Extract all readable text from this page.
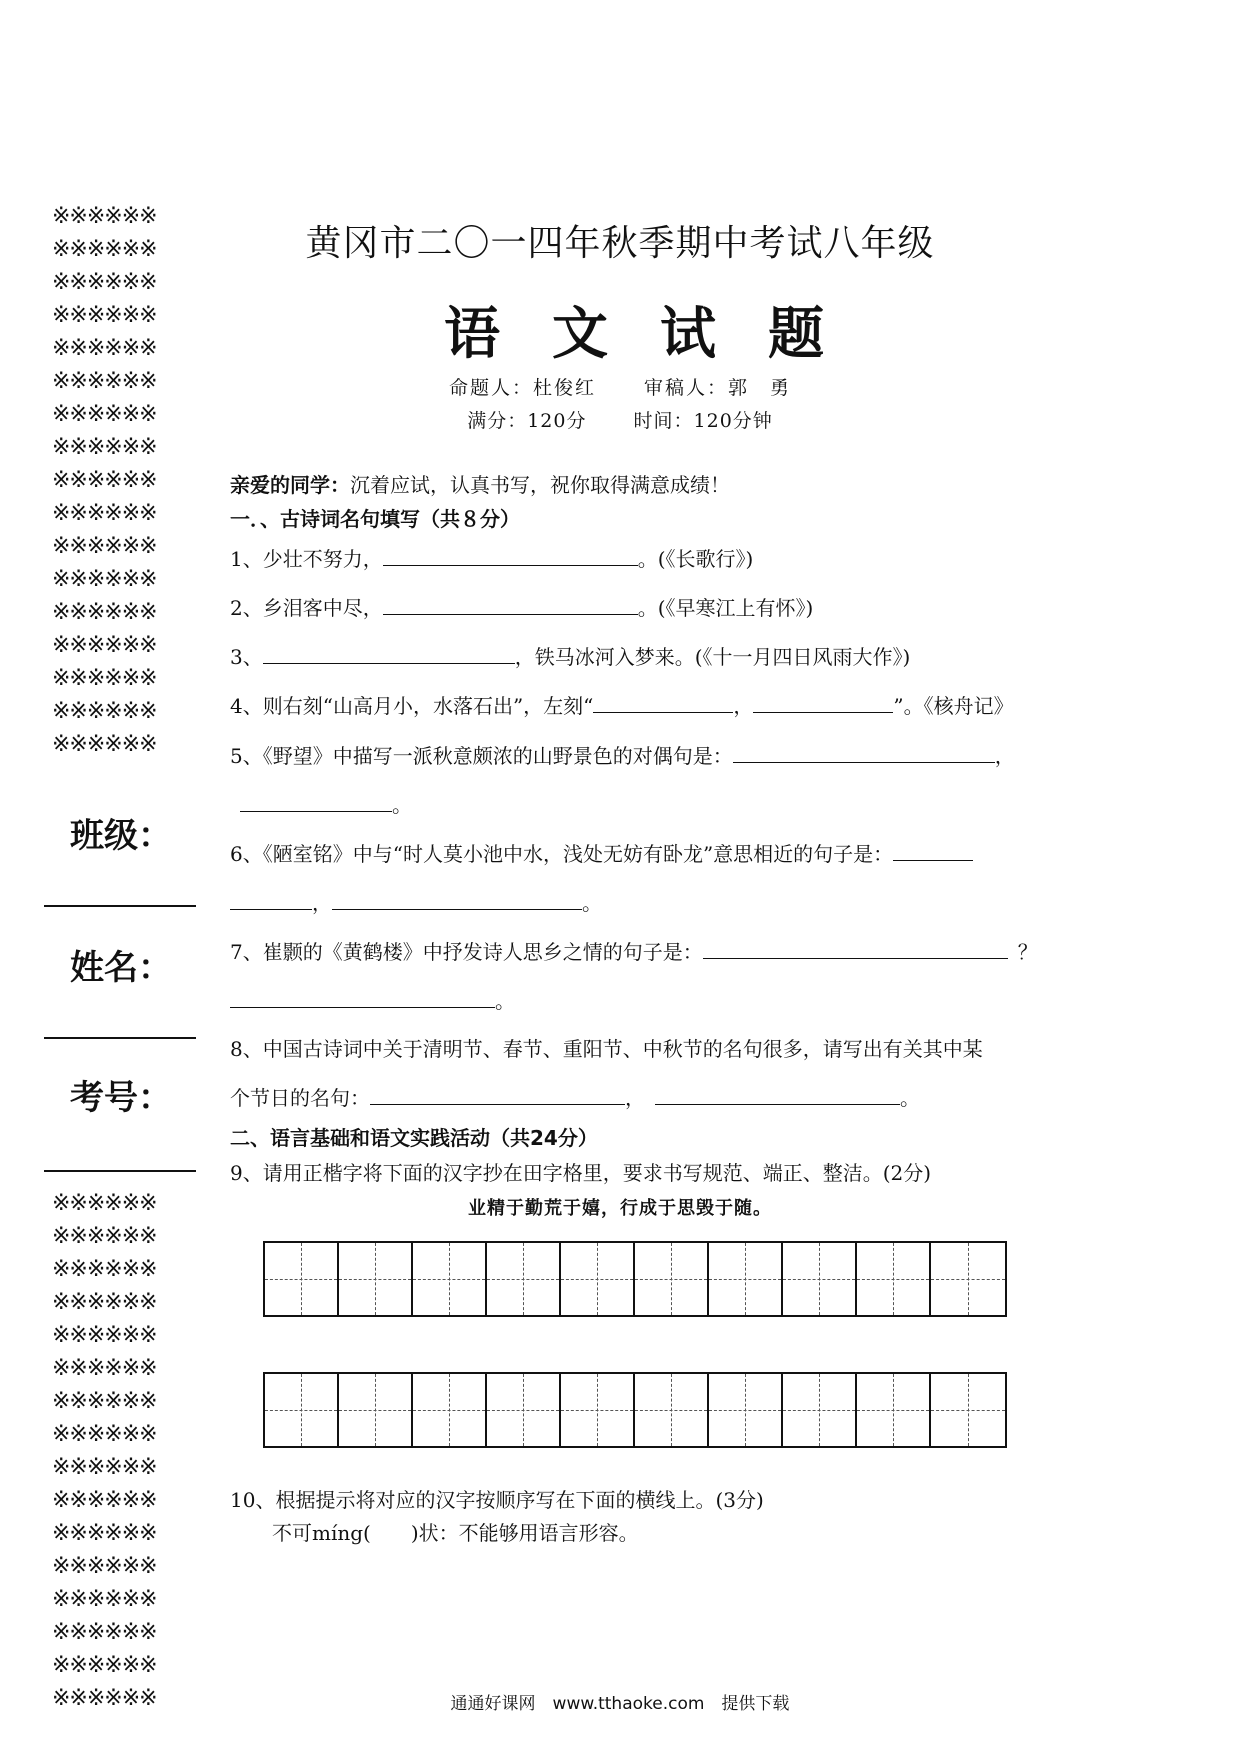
※※※※※※
※※※※※※
※※※※※※
※※※※※※
※※※※※※
※※※※※※
※※※※※※
※※※※※※
※※※※※※
※※※※※※
※※※※※※
※※※※※※
※※※※※※
※※※※※※
※※※※※※
※※※※※※
※※※※※※
班级：
姓名：
考号：
※※※※※※
※※※※※※
※※※※※※
※※※※※※
※※※※※※
※※※※※※
※※※※※※
※※※※※※
※※※※※※
※※※※※※
※※※※※※
※※※※※※
※※※※※※
※※※※※※
※※※※※※
※※※※※※
黄冈市二〇一四年秋季期中考试八年级
语文试题
命题人：杜俊红	审稿人：郭　勇
满分：120分 时间：120分钟
亲爱的同学：沉着应试，认真书写，祝你取得满意成绩！
一．、古诗词名句填写（共８分）
1、少壮不努力，	。(《长歌行》)
2、乡泪客中尽，	。(《早寒江上有怀》)
3、	，铁马冰河入梦来。(《十一月四日风雨大作》)
4、则右刻“山高月小，水落石出”，左刻“	，	”。《核舟记》
5、《野望》中描写一派秋意颇浓的山野景色的对偶句是：	，
。
6、《陋室铭》中与“时人莫小池中水，浅处无妨有卧龙”意思相近的句子是：
，	。
7、崔颢的《黄鹤楼》中抒发诗人思乡之情的句子是：	？
。
8、中国古诗词中关于清明节、春节、重阳节、中秋节的名句很多，请写出有关其中某
个节日的名句：	，	。
二、语言基础和语文实践活动（共24分）
9、请用正楷字将下面的汉字抄在田字格里，要求书写规范、端正、整洁。(2分)
业精于勤荒于嬉，行成于思毁于随。
10、根据提示将对应的汉字按顺序写在下面的横线上。(3分)
不可míng(　　)状：不能够用语言形容。
通通好课网　www.tthaoke.com　提供下载
